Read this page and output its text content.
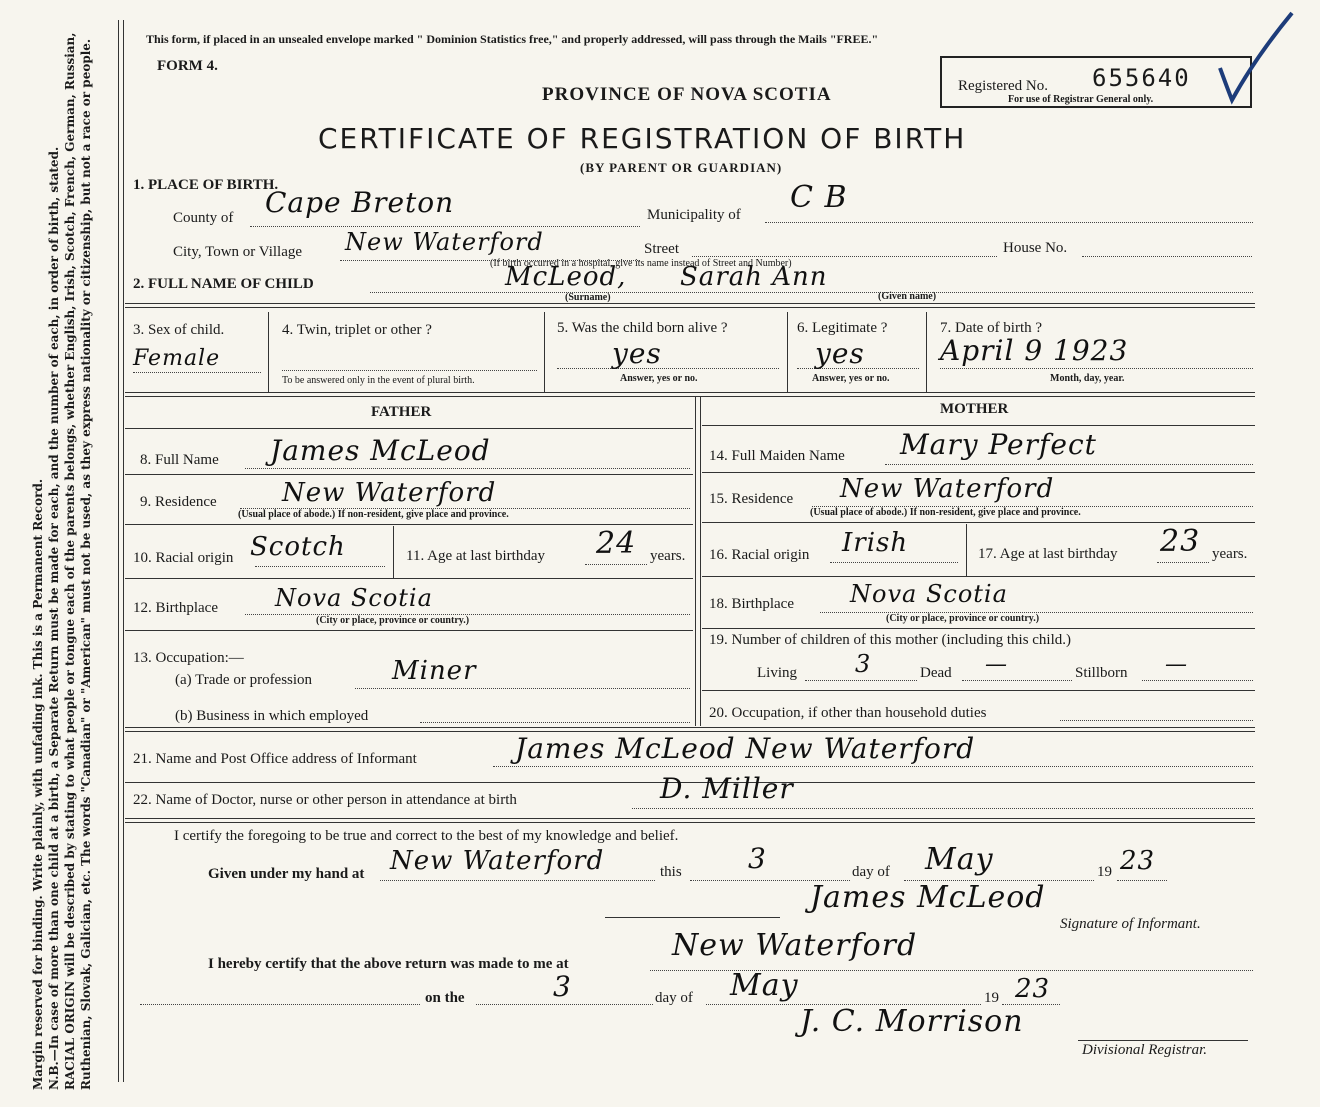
Margin reserved for binding. Write plainly, with unfading ink. This is a Permanent Record. N.B.—In case of more than one child at a birth, a Separate Return must be made for each, and the number of each, in order of birth, stated. RACIAL ORIGIN will be described by stating to what people or tongue each of the parents belongs, whether English, Irish, Scotch, French, German, Russian, Ruthenian, Slovak, Galician, etc. The words "Canadian" or "American" must not be used, as they express nationality or citizenship, but not a race or people.	This form, if placed in an unsealed envelope marked " Dominion Statistics free," and properly addressed, will pass through the Mails "FREE."
FORM 4.
PROVINCE OF NOVA SCOTIA
CERTIFICATE OF REGISTRATION OF BIRTH
(BY PARENT OR GUARDIAN)
Registered No. 655640
For use of Registrar General only.
1. PLACE OF BIRTH.
County of Cape Breton	Municipality of C B
City, Town or Village New Waterford	Street	House No.
(If birth occurred in a hospital, give its name instead of Street and Number)
2. FULL NAME OF CHILD	McLeod, Sarah Ann
(Surname)	(Given name)
3. Sex of child.
Female
4. Twin, triplet or other ?
To be answered only in the event of plural birth.
5. Was the child born alive ?
yes
Answer, yes or no.
6. Legitimate ?
yes
Answer, yes or no.
7. Date of birth ?
April 9 1923
Month, day, year.
FATHER
8. Full Name James McLeod
9. Residence	New Waterford
(Usual place of abode.) If non-resident, give place and province.
10. Racial origin Scotch	11. Age at last birthday 24 years.
12. Birthplace Nova Scotia
(City or place, province or country.)
13. Occupation:—
(a) Trade or profession	Miner
(b) Business in which employed
MOTHER
14. Full Maiden Name Mary Perfect
15. Residence New Waterford
(Usual place of abode.) If non-resident, give place and province.
16. Racial origin Irish	17. Age at last birthday 23 years.
18. Birthplace Nova Scotia
(City or place, province or country.)
19. Number of children of this mother (including this child.)
Living 3	Dead —	Stillborn —
20. Occupation, if other than household duties
21. Name and Post Office address of Informant	James McLeod New Waterford
22. Name of Doctor, nurse or other person in attendance at birth	D. Miller
I certify the foregoing to be true and correct to the best of my knowledge and belief.
Given under my hand at New Waterford	this 3	day of May	19 23
James McLeod
Signature of Informant.
I hereby certify that the above return was made to me at
New Waterford
on the	3	day of May	19 23
J. C. Morrison
Divisional Registrar.
